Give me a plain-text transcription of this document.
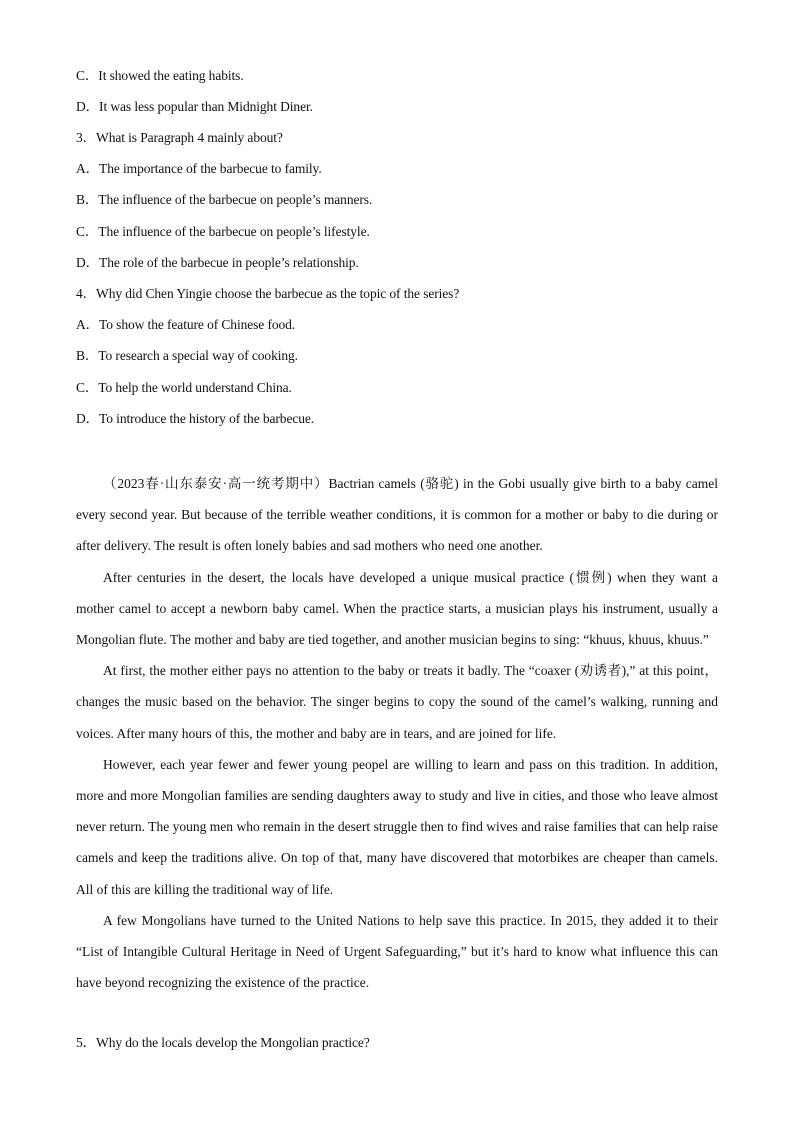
C．It showed the eating habits.
D．It was less popular than Midnight Diner.
3．What is Paragraph 4 mainly about?
A．The importance of the barbecue to family.
B．The influence of the barbecue on people’s manners.
C．The influence of the barbecue on people’s lifestyle.
D．The role of the barbecue in people’s relationship.
4．Why did Chen Yingie choose the barbecue as the topic of the series?
A．To show the feature of Chinese food.
B．To research a special way of cooking.
C．To help the world understand China.
D．To introduce the history of the barbecue.

（2023春·山东泰安·高一统考期中）Bactrian camels (骆驼) in the Gobi usually give birth to a baby camel every second year. But because of the terrible weather conditions, it is common for a mother or baby to die during or after delivery. The result is often lonely babies and sad mothers who need one another.

After centuries in the desert, the locals have developed a unique musical practice (惯例) when they want a mother camel to accept a newborn baby camel. When the practice starts, a musician plays his instrument, usually a Mongolian flute. The mother and baby are tied together, and another musician begins to sing: “khuus, khuus, khuus.”

At first, the mother either pays no attention to the baby or treats it badly. The “coaxer (劝诱者),” at this point，changes the music based on the behavior. The singer begins to copy the sound of the camel’s walking, running and voices. After many hours of this, the mother and baby are in tears, and are joined for life.

However, each year fewer and fewer young peopel are willing to learn and pass on this tradition. In addition, more and more Mongolian families are sending daughters away to study and live in cities, and those who leave almost never return. The young men who remain in the desert struggle then to find wives and raise families that can help raise camels and keep the traditions alive. On top of that, many have discovered that motorbikes are cheaper than camels. All of this are killing the traditional way of life.

A few Mongolians have turned to the United Nations to help save this practice. In 2015, they added it to their “List of Intangible Cultural Heritage in Need of Urgent Safeguarding,” but it’s hard to know what influence this can have beyond recognizing the existence of the practice.

5．Why do the locals develop the Mongolian practice?
